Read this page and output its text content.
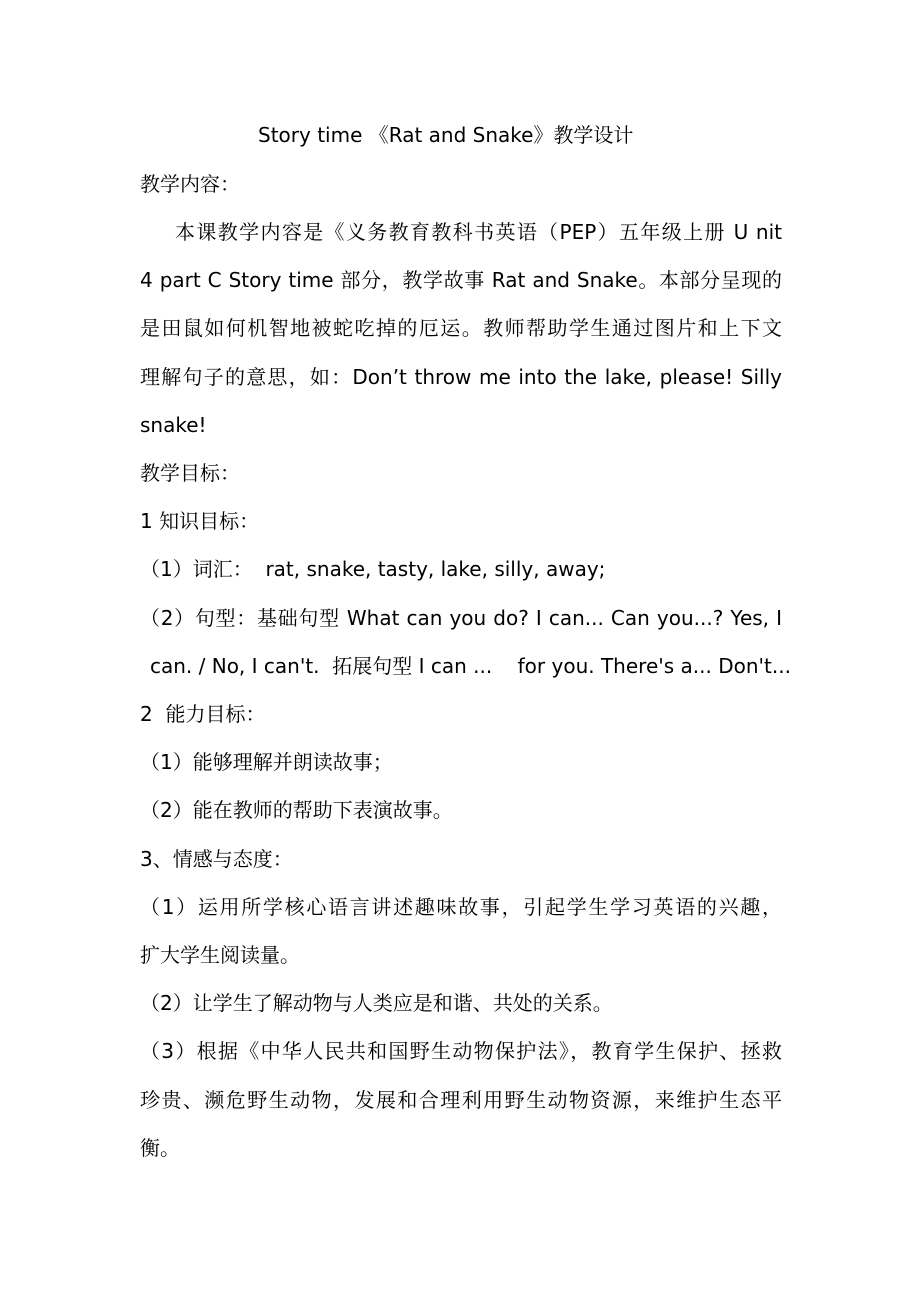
Story time 《Rat and Snake》教学设计
教学内容：
本课教学内容是《义务教育教科书英语（PEP）五年级上册 U nit
4 part C Story time 部分，教学故事 Rat and Snake。本部分呈现的
是田鼠如何机智地被蛇吃掉的厄运。教师帮助学生通过图片和上下文
理解句子的意思，如：Don’t throw me into the lake, please! Silly
snake!
教学目标：
1 知识目标：
（1）词汇：  rat, snake, tasty, lake, silly, away;
（2）句型：基础句型 What can you do? I can... Can you...? Yes, I
can. / No, I can't.  拓展句型 I can ...    for you. There's a... Don't...
2  能力目标：
（1）能够理解并朗读故事；
（2）能在教师的帮助下表演故事。
3、情感与态度：
（1）运用所学核心语言讲述趣味故事，引起学生学习英语的兴趣，
扩大学生阅读量。
（2）让学生了解动物与人类应是和谐、共处的关系。
（3）根据《中华人民共和国野生动物保护法》，教育学生保护、拯救
珍贵、濒危野生动物，发展和合理利用野生动物资源，来维护生态平
衡。
